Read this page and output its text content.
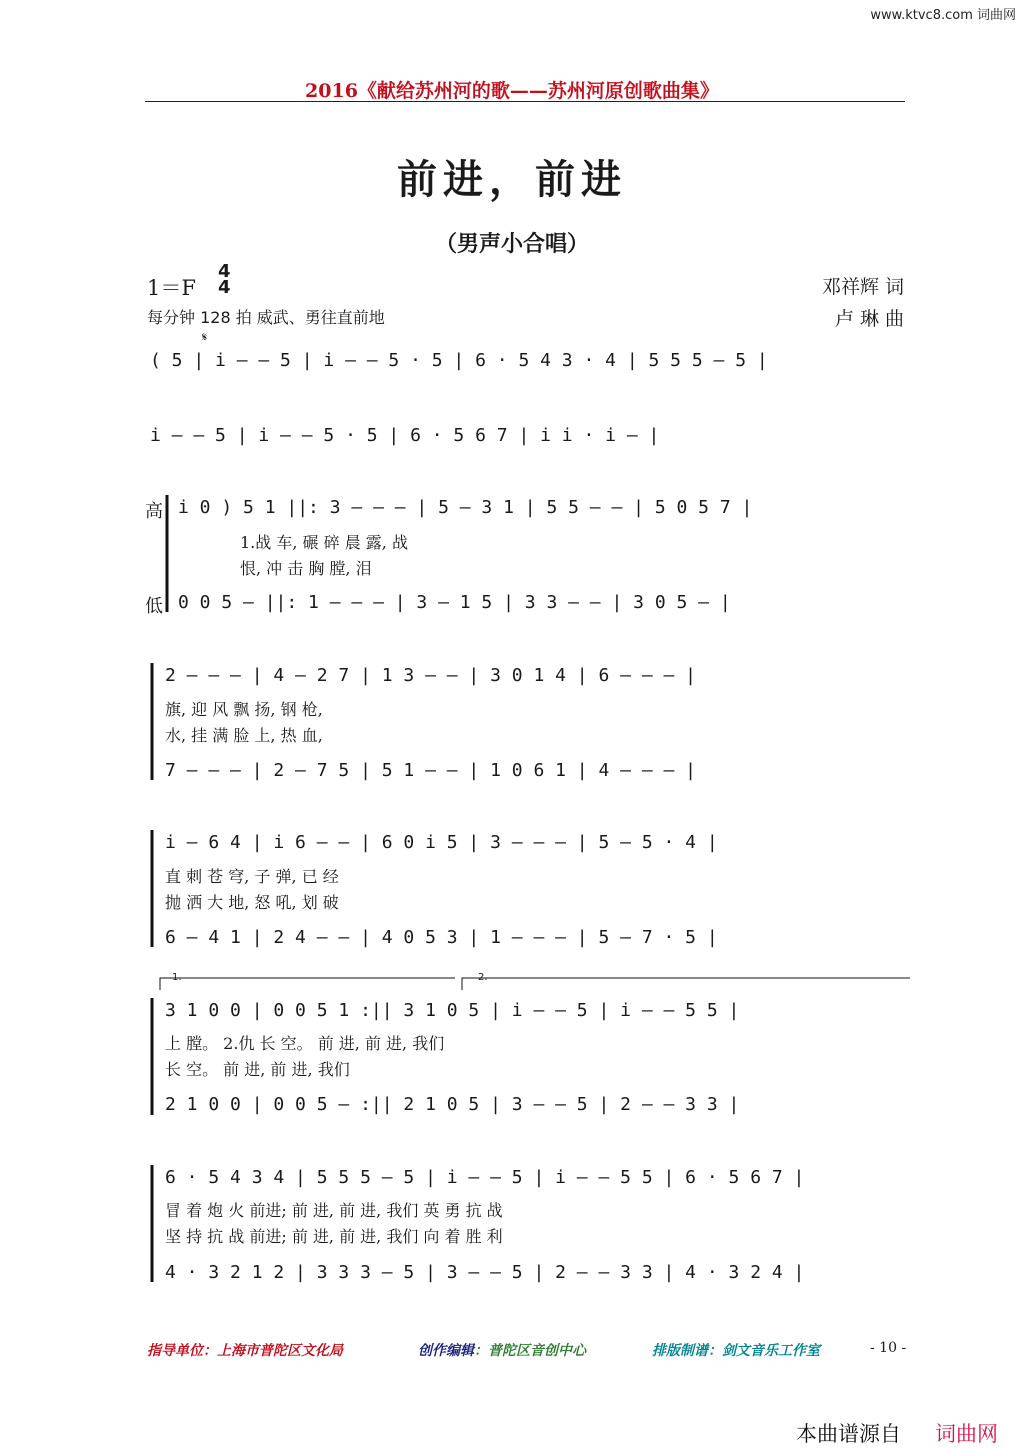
www.ktvc8.com 词曲网
2016《献给苏州河的歌——苏州河原创歌曲集》
前进，前进
（男声小合唱）
1＝F
4
4	邓祥辉 词
卢 琳 曲
每分钟 128 拍 威武、勇往直前地
𝄋
( 5 | i – – 5 | i – – 5 · 5 | 6 · 5 4 3 · 4 | 5 5 5 – 5 |
i – – 5 | i – – 5 · 5 | 6 · 5 6 7 | i i · i – |
高
低
i 0 ) 5 1 ||: 3 – – – | 5 – 3 1 | 5 5 – – | 5 0 5 7 |
1.战 车, 碾 碎 晨 露, 战
恨, 冲 击 胸 膛, 泪
0 0 5 – ||: 1 – – – | 3 – 1 5 | 3 3 – – | 3 0 5 – |
2 – – – | 4 – 2 7 | 1 3 – – | 3 0 1 4 | 6 – – – |
旗, 迎 风 飘 扬, 钢 枪,
水, 挂 满 脸 上, 热 血,
7 – – – | 2 – 7 5 | 5 1 – – | 1 0 6 1 | 4 – – – |
i – 6 4 | i 6 – – | 6 0 i 5 | 3 – – – | 5 – 5 · 4 |
直 刺 苍 穹, 子 弹, 已 经
抛 洒 大 地, 怒 吼, 划 破
6 – 4 1 | 2 4 – – | 4 0 5 3 | 1 – – – | 5 – 7 · 5 |
1.	2.
3 1 0 0 | 0 0 5 1 :|| 3 1 0 5 | i – – 5 | i – – 5 5 |
上 膛。 2.仇 长 空。 前 进, 前 进, 我们
长 空。 前 进, 前 进, 我们
2 1 0 0 | 0 0 5 – :|| 2 1 0 5 | 3 – – 5 | 2 – – 3 3 |
6 · 5 4 3 4 | 5 5 5 – 5 | i – – 5 | i – – 5 5 | 6 · 5 6 7 |
冒 着 炮 火 前进; 前 进, 前 进, 我们 英 勇 抗 战
坚 持 抗 战 前进; 前 进, 前 进, 我们 向 着 胜 利
4 · 3 2 1 2 | 3 3 3 – 5 | 3 – – 5 | 2 – – 3 3 | 4 · 3 2 4 |
指导单位：上海市普陀区文化局	创作编辑：普陀区音创中心	排版制谱：剑文音乐工作室	- 10 -
本曲谱源自 词曲网
